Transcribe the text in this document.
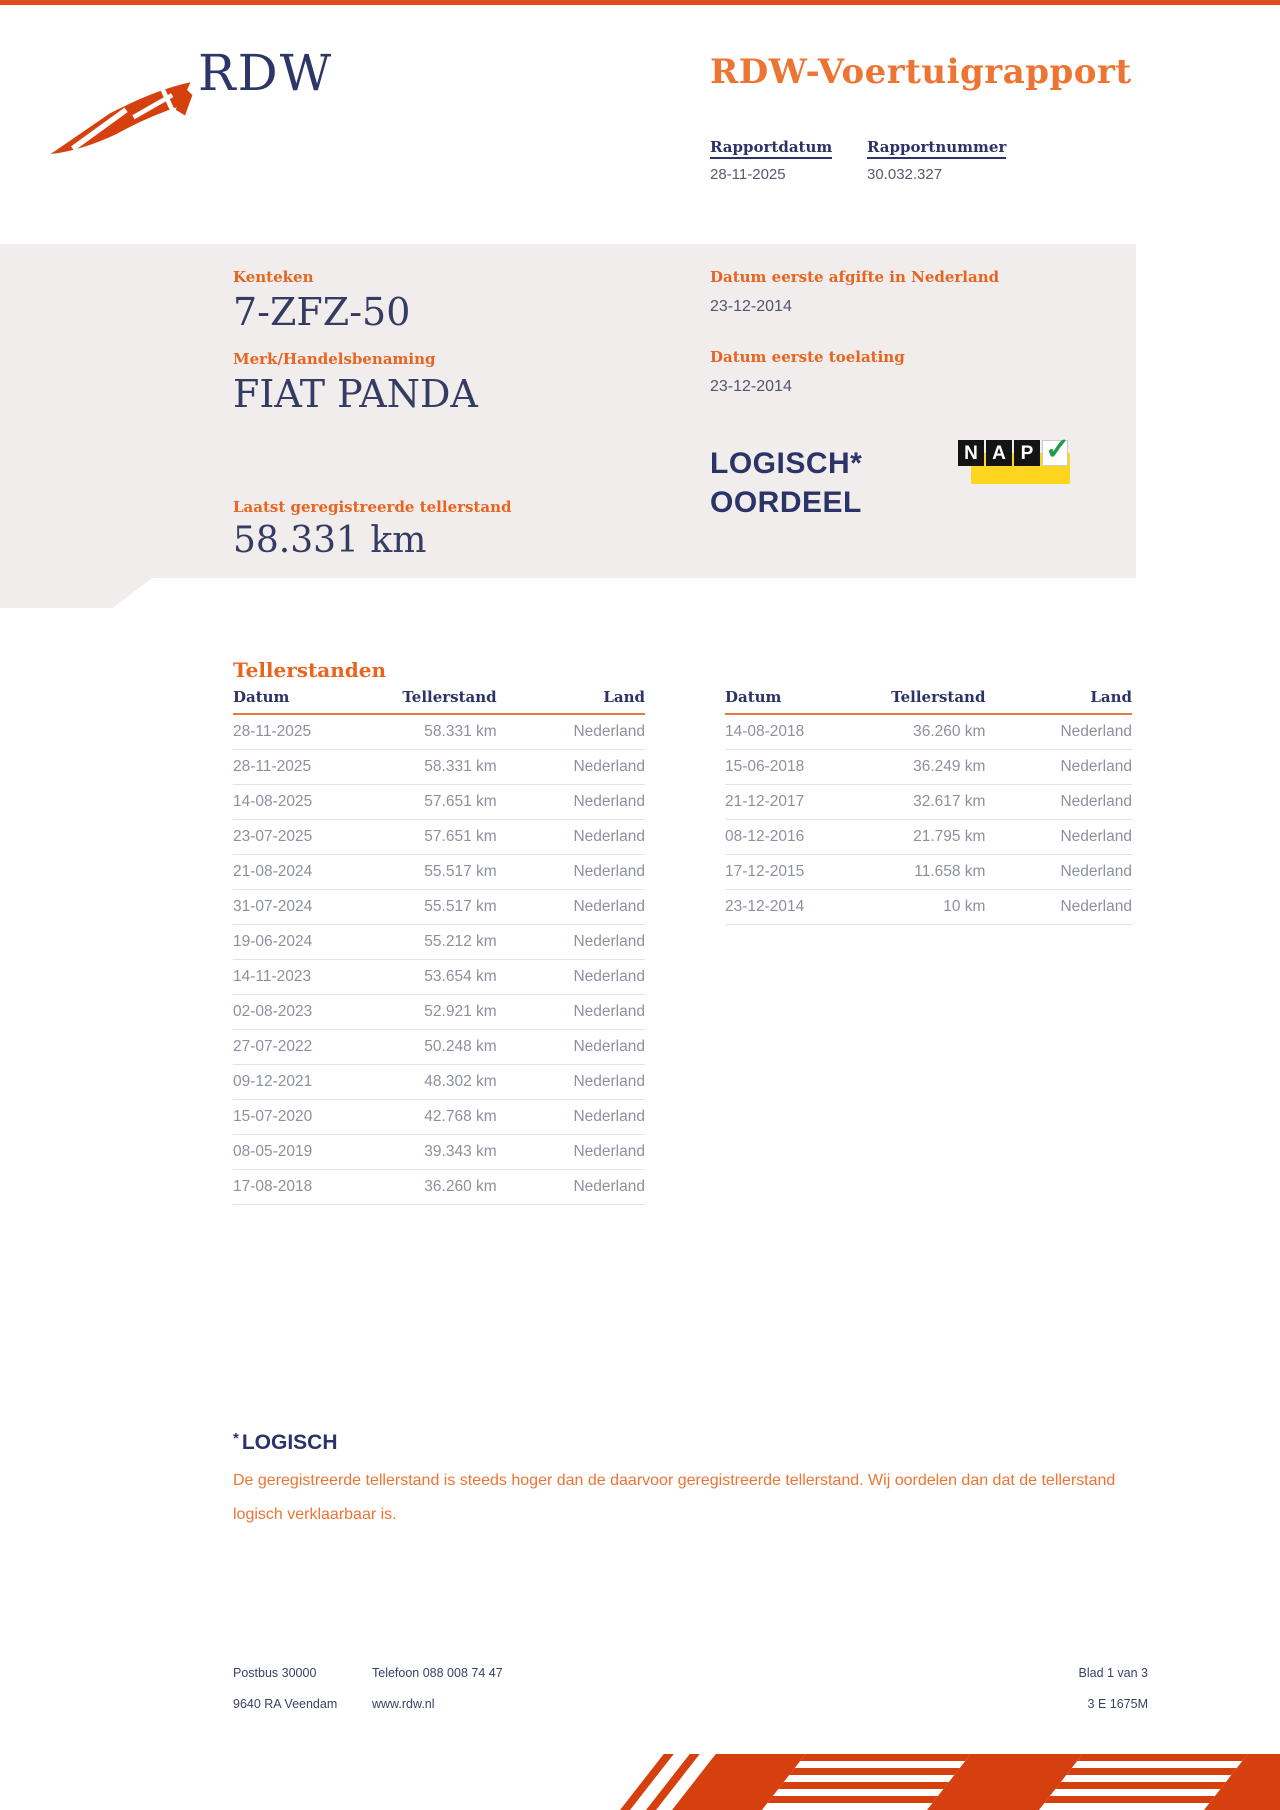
RDW	RDW-Voertuigrapport
Rapportdatum Rapportnummer
28-11-2025	30.032.327
Kenteken
7-ZFZ-50
Merk/Handelsbenaming
FIAT PANDA
Laatst geregistreerde tellerstand
58.331 km
Datum eerste afgifte in Nederland
23-12-2014
Datum eerste toelating
23-12-2014
LOGISCH*
OORDEEL
N A P ✓
Tellerstanden
Datum	Tellerstand	Land
28-11-2025	58.331 km	Nederland
28-11-2025	58.331 km	Nederland
14-08-2025	57.651 km	Nederland
23-07-2025	57.651 km	Nederland
21-08-2024	55.517 km	Nederland
31-07-2024	55.517 km	Nederland
19-06-2024	55.212 km	Nederland
14-11-2023	53.654 km	Nederland
02-08-2023	52.921 km	Nederland
27-07-2022	50.248 km	Nederland
09-12-2021	48.302 km	Nederland
15-07-2020	42.768 km	Nederland
08-05-2019	39.343 km	Nederland
17-08-2018	36.260 km	Nederland
Datum	Tellerstand	Land
14-08-2018	36.260 km	Nederland
15-06-2018	36.249 km	Nederland
21-12-2017	32.617 km	Nederland
08-12-2016	21.795 km	Nederland
17-12-2015	11.658 km	Nederland
23-12-2014	10 km	Nederland
* LOGISCH

De geregistreerde tellerstand is steeds hoger dan de daarvoor geregistreerde tellerstand. Wij oordelen dan dat de tellerstand logisch verklaarbaar is.

Postbus 30000
9640 RA Veendam
Telefoon 088 008 74 47
www.rdw.nl
Blad 1 van 3
3 E 1675M
